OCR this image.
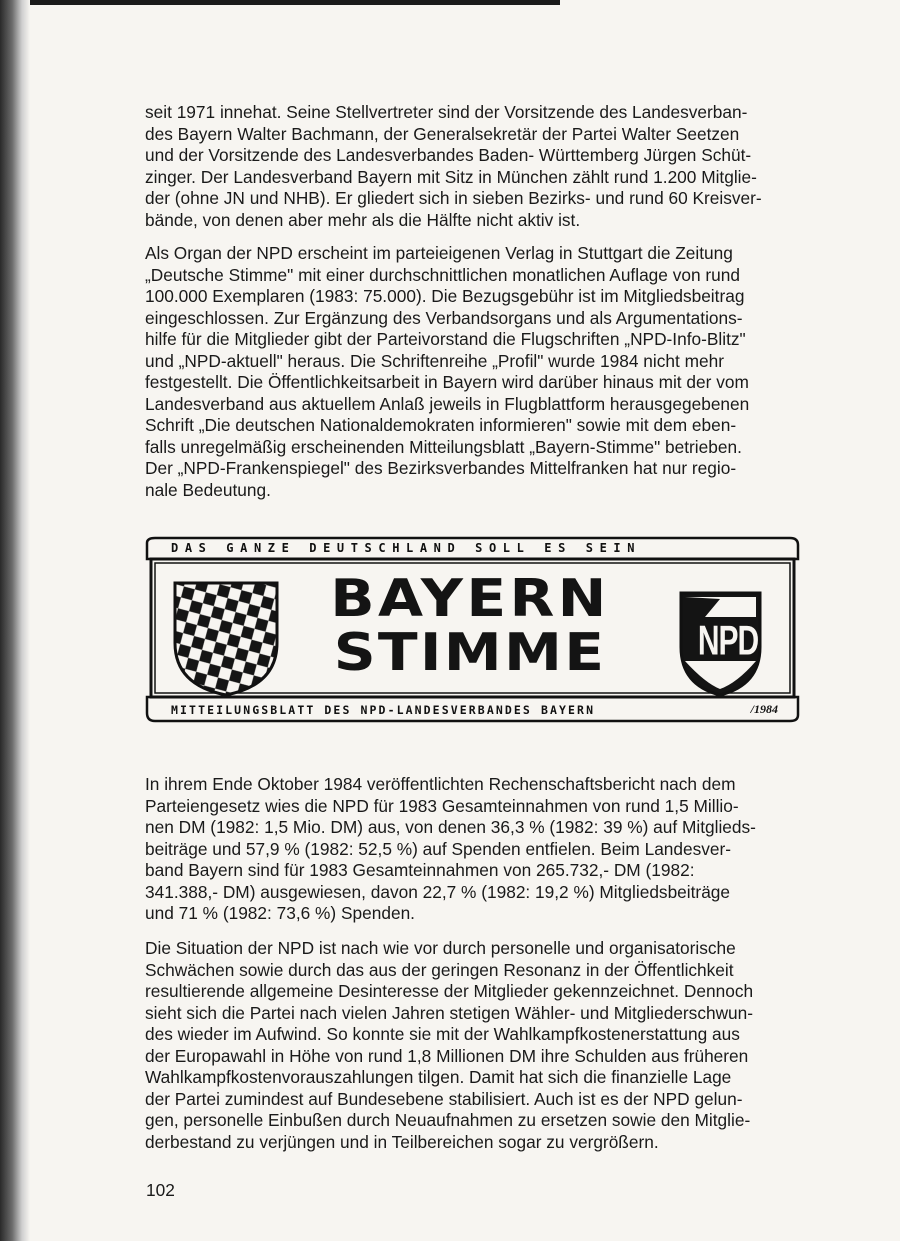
seit 1971 innehat. Seine Stellvertreter sind der Vorsitzende des Landesverban-

des Bayern Walter Bachmann, der Generalsekretär der Partei Walter Seetzen

und der Vorsitzende des Landesverbandes Baden- Württemberg Jürgen Schüt-

zinger. Der Landesverband Bayern mit Sitz in München zählt rund 1.200 Mitglie-

der (ohne JN und NHB). Er gliedert sich in sieben Bezirks- und rund 60 Kreisver-

bände, von denen aber mehr als die Hälfte nicht aktiv ist.

Als Organ der NPD erscheint im parteieigenen Verlag in Stuttgart die Zeitung

„Deutsche Stimme" mit einer durchschnittlichen monatlichen Auflage von rund

100.000 Exemplaren (1983: 75.000). Die Bezugsgebühr ist im Mitgliedsbeitrag

eingeschlossen. Zur Ergänzung des Verbandsorgans und als Argumentations-

hilfe für die Mitglieder gibt der Parteivorstand die Flugschriften „NPD-Info-Blitz"

und „NPD-aktuell" heraus. Die Schriftenreihe „Profil" wurde 1984 nicht mehr

festgestellt. Die Öffentlichkeitsarbeit in Bayern wird darüber hinaus mit der vom

Landesverband aus aktuellem Anlaß jeweils in Flugblattform herausgegebenen

Schrift „Die deutschen Nationaldemokraten informieren" sowie mit dem eben-

falls unregelmäßig erscheinenden Mitteilungsblatt „Bayern-Stimme" betrieben.

Der „NPD-Frankenspiegel" des Bezirksverbandes Mittelfranken hat nur regio-

nale Bedeutung.

DAS GANZE DEUTSCHLAND SOLL ES SEIN
BAYERN
STIMME	NPD
MITTEILUNGSBLATT DES NPD-LANDESVERBANDES BAYERN	/1984

In ihrem Ende Oktober 1984 veröffentlichten Rechenschaftsbericht nach dem

Parteiengesetz wies die NPD für 1983 Gesamteinnahmen von rund 1,5 Millio-

nen DM (1982: 1,5 Mio. DM) aus, von denen 36,3 % (1982: 39 %) auf Mitglieds-

beiträge und 57,9 % (1982: 52,5 %) auf Spenden entfielen. Beim Landesver-

band Bayern sind für 1983 Gesamteinnahmen von 265.732,- DM (1982:

341.388,- DM) ausgewiesen, davon 22,7 % (1982: 19,2 %) Mitgliedsbeiträge

und 71 % (1982: 73,6 %) Spenden.

Die Situation der NPD ist nach wie vor durch personelle und organisatorische

Schwächen sowie durch das aus der geringen Resonanz in der Öffentlichkeit

resultierende allgemeine Desinteresse der Mitglieder gekennzeichnet. Dennoch

sieht sich die Partei nach vielen Jahren stetigen Wähler- und Mitgliederschwun-

des wieder im Aufwind. So konnte sie mit der Wahlkampfkostenerstattung aus

der Europawahl in Höhe von rund 1,8 Millionen DM ihre Schulden aus früheren

Wahlkampfkostenvorauszahlungen tilgen. Damit hat sich die finanzielle Lage

der Partei zumindest auf Bundesebene stabilisiert. Auch ist es der NPD gelun-

gen, personelle Einbußen durch Neuaufnahmen zu ersetzen sowie den Mitglie-

derbestand zu verjüngen und in Teilbereichen sogar zu vergrößern.

102
